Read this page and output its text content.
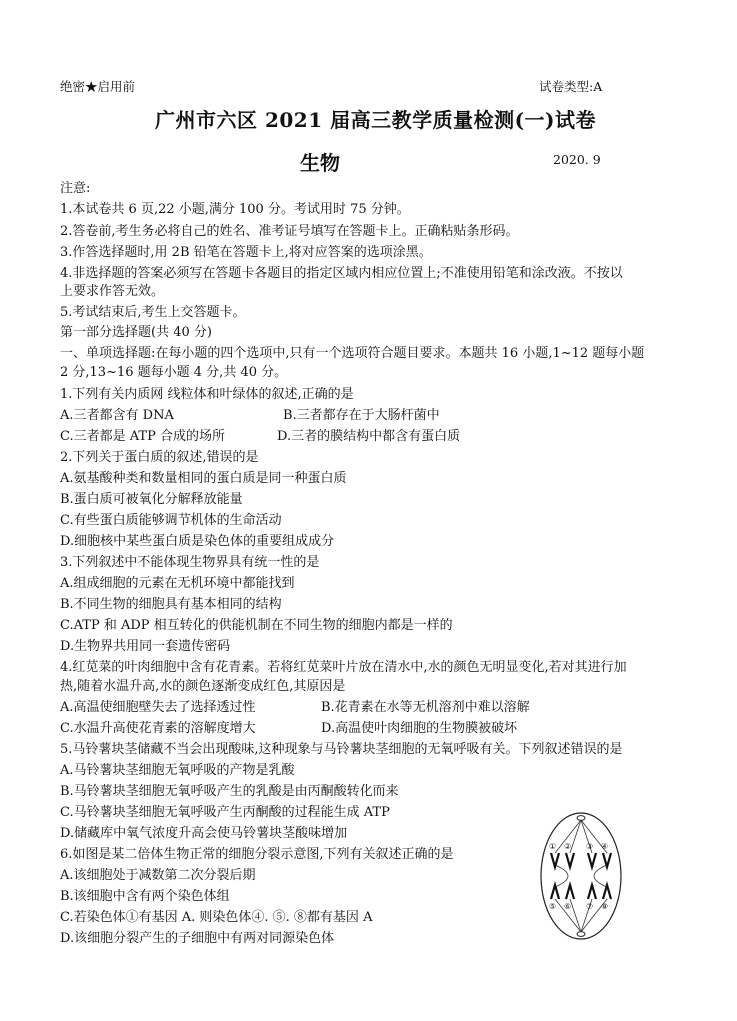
绝密★启用前	试卷类型:A
广州市六区 2021 届高三教学质量检测(一)试卷
生物	2020. 9
注意:
1.本试卷共 6 页,22 小题,满分 100 分。考试用时 75 分钟。
2.答卷前,考生务必将自己的姓名、准考证号填写在答题卡上。正确粘贴条形码。
3.作答选择题时,用 2B 铅笔在答题卡上,将对应答案的选项涂黑。
4.非选择题的答案必须写在答题卡各题目的指定区域内相应位置上;不准使用铅笔和涂改液。不按以
上要求作答无效。
5.考试结束后,考生上交答题卡。
第一部分选择题(共 40 分)
一、单项选择题:在每小题的四个选项中,只有一个选项符合题目要求。本题共 16 小题,1~12 题每小题
2 分,13~16 题每小题 4 分,共 40 分。
1.下列有关内质网 线粒体和叶绿体的叙述,正确的是
A.三者都含有 DNA	B.三者都存在于大肠杆菌中
C.三者都是 ATP 合成的场所	D.三者的膜结构中都含有蛋白质
2.下列关于蛋白质的叙述,错误的是
A.氨基酸种类和数量相同的蛋白质是同一种蛋白质
B.蛋白质可被氧化分解释放能量
C.有些蛋白质能够调节机体的生命活动
D.细胞核中某些蛋白质是染色体的重要组成成分
3.下列叙述中不能体现生物界具有统一性的是
A.组成细胞的元素在无机环境中都能找到
B.不同生物的细胞具有基本相同的结构
C.ATP 和 ADP 相互转化的供能机制在不同生物的细胞内都是一样的
D.生物界共用同一套遗传密码
4.红苋菜的叶肉细胞中含有花青素。若将红苋菜叶片放在清水中,水的颜色无明显变化,若对其进行加
热,随着水温升高,水的颜色逐渐变成红色,其原因是
A.高温使细胞壁失去了选择透过性	B.花青素在水等无机溶剂中难以溶解
C.水温升高使花青素的溶解度增大	D.高温使叶肉细胞的生物膜被破坏
5.马铃薯块茎储藏不当会出现酸味,这种现象与马铃薯块茎细胞的无氧呼吸有关。下列叙述错误的是
A.马铃薯块茎细胞无氧呼吸的产物是乳酸
B.马铃薯块茎细胞无氧呼吸产生的乳酸是由丙酮酸转化而来
C.马铃薯块茎细胞无氧呼吸产生丙酮酸的过程能生成 ATP
D.储藏库中氧气浓度升高会使马铃薯块茎酸味增加
6.如图是某二倍体生物正常的细胞分裂示意图,下列有关叙述正确的是
A.该细胞处于减数第二次分裂后期
B.该细胞中含有两个染色体组
C.若染色体①有基因 A. 则染色体④. ⑤. ⑧都有基因 A
D.该细胞分裂产生的子细胞中有两对同源染色体
① ② ③ ④
⑤ ⑥ ⑦ ⑧
